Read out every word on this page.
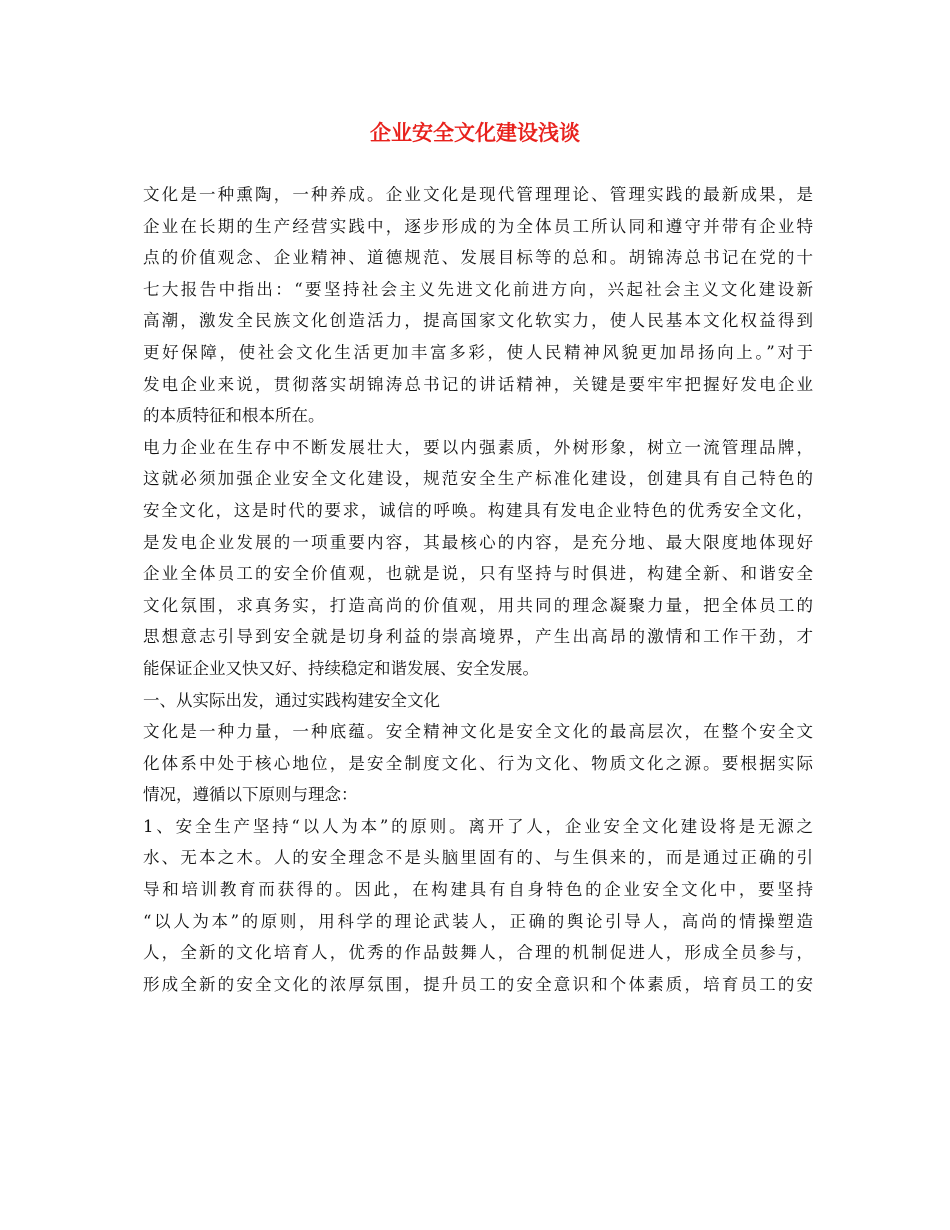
企业安全文化建设浅谈
文化是一种熏陶，一种养成。企业文化是现代管理理论、管理实践的最新成果，是
企业在长期的生产经营实践中，逐步形成的为全体员工所认同和遵守并带有企业特
点的价值观念、企业精神、道德规范、发展目标等的总和。胡锦涛总书记在党的十
七大报告中指出：“要坚持社会主义先进文化前进方向，兴起社会主义文化建设新
高潮，激发全民族文化创造活力，提高国家文化软实力，使人民基本文化权益得到
更好保障，使社会文化生活更加丰富多彩，使人民精神风貌更加昂扬向上。”对于
发电企业来说，贯彻落实胡锦涛总书记的讲话精神，关键是要牢牢把握好发电企业
的本质特征和根本所在。
电力企业在生存中不断发展壮大，要以内强素质，外树形象，树立一流管理品牌，
这就必须加强企业安全文化建设，规范安全生产标准化建设，创建具有自己特色的
安全文化，这是时代的要求，诚信的呼唤。构建具有发电企业特色的优秀安全文化，
是发电企业发展的一项重要内容，其最核心的内容，是充分地、最大限度地体现好
企业全体员工的安全价值观，也就是说，只有坚持与时俱进，构建全新、和谐安全
文化氛围，求真务实，打造高尚的价值观，用共同的理念凝聚力量，把全体员工的
思想意志引导到安全就是切身利益的崇高境界，产生出高昂的激情和工作干劲，才
能保证企业又快又好、持续稳定和谐发展、安全发展。
一、从实际出发，通过实践构建安全文化
文化是一种力量，一种底蕴。安全精神文化是安全文化的最高层次，在整个安全文
化体系中处于核心地位，是安全制度文化、行为文化、物质文化之源。要根据实际
情况，遵循以下原则与理念：
1、安全生产坚持“以人为本”的原则。离开了人，企业安全文化建设将是无源之
水、无本之木。人的安全理念不是头脑里固有的、与生俱来的，而是通过正确的引
导和培训教育而获得的。因此，在构建具有自身特色的企业安全文化中，要坚持
“以人为本”的原则，用科学的理论武装人，正确的舆论引导人，高尚的情操塑造
人，全新的文化培育人，优秀的作品鼓舞人，合理的机制促进人，形成全员参与，
形成全新的安全文化的浓厚氛围，提升员工的安全意识和个体素质，培育员工的安
